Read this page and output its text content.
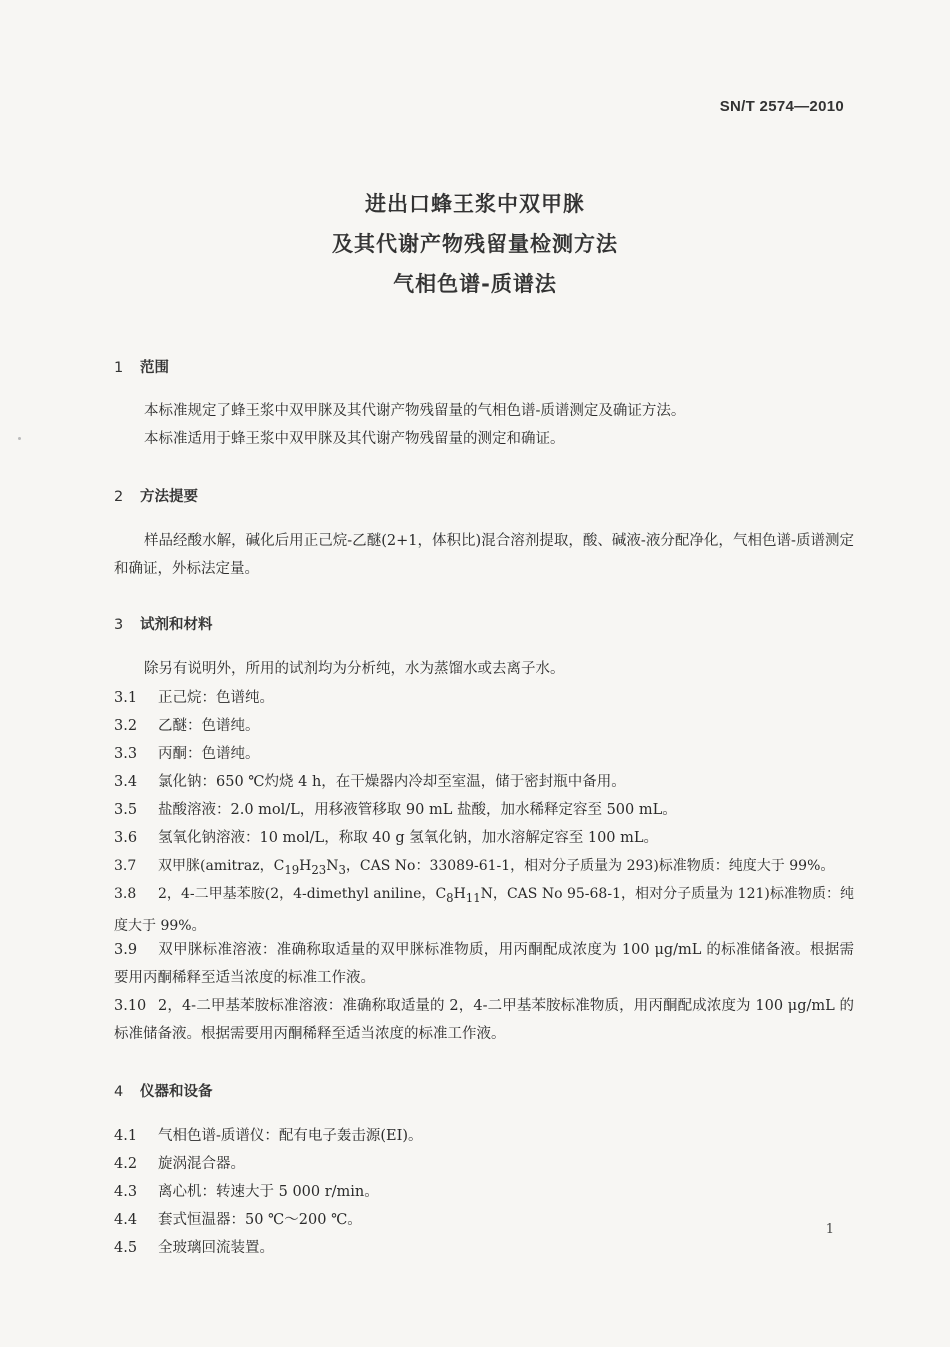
SN/T 2574—2010
进出口蜂王浆中双甲脒
及其代谢产物残留量检测方法
气相色谱-质谱法
1 范围
本标准规定了蜂王浆中双甲脒及其代谢产物残留量的气相色谱-质谱测定及确证方法。
本标准适用于蜂王浆中双甲脒及其代谢产物残留量的测定和确证。
2 方法提要
样品经酸水解，碱化后用正己烷-乙醚(2+1，体积比)混合溶剂提取，酸、碱液-液分配净化，气相色谱-质谱测定和确证，外标法定量。
3 试剂和材料
除另有说明外，所用的试剂均为分析纯，水为蒸馏水或去离子水。
3.1 正己烷：色谱纯。
3.2 乙醚：色谱纯。
3.3 丙酮：色谱纯。
3.4 氯化钠：650 ℃灼烧 4 h，在干燥器内冷却至室温，储于密封瓶中备用。
3.5 盐酸溶液：2.0 mol/L，用移液管移取 90 mL 盐酸，加水稀释定容至 500 mL。
3.6 氢氧化钠溶液：10 mol/L，称取 40 g 氢氧化钠，加水溶解定容至 100 mL。
3.7 双甲脒(amitraz，$C_{19}H_{23}N_3$，CAS No：33089-61-1，相对分子质量为 293)标准物质：纯度大于 99%。
3.8 2，4-二甲基苯胺(2，4-dimethyl aniline，$C_8H_{11}N$，CAS No 95-68-1，相对分子质量为 121)标准物质：纯度大于 99%。
3.9 双甲脒标准溶液：准确称取适量的双甲脒标准物质，用丙酮配成浓度为 100 μg/mL 的标准储备液。根据需要用丙酮稀释至适当浓度的标准工作液。
3.10 2，4-二甲基苯胺标准溶液：准确称取适量的 2，4-二甲基苯胺标准物质，用丙酮配成浓度为 100 μg/mL 的标准储备液。根据需要用丙酮稀释至适当浓度的标准工作液。
4 仪器和设备
4.1 气相色谱-质谱仪：配有电子轰击源(EI)。
4.2 旋涡混合器。
4.3 离心机：转速大于 5 000 r/min。
4.4 套式恒温器：50 ℃～200 ℃。
4.5 全玻璃回流装置。
1
